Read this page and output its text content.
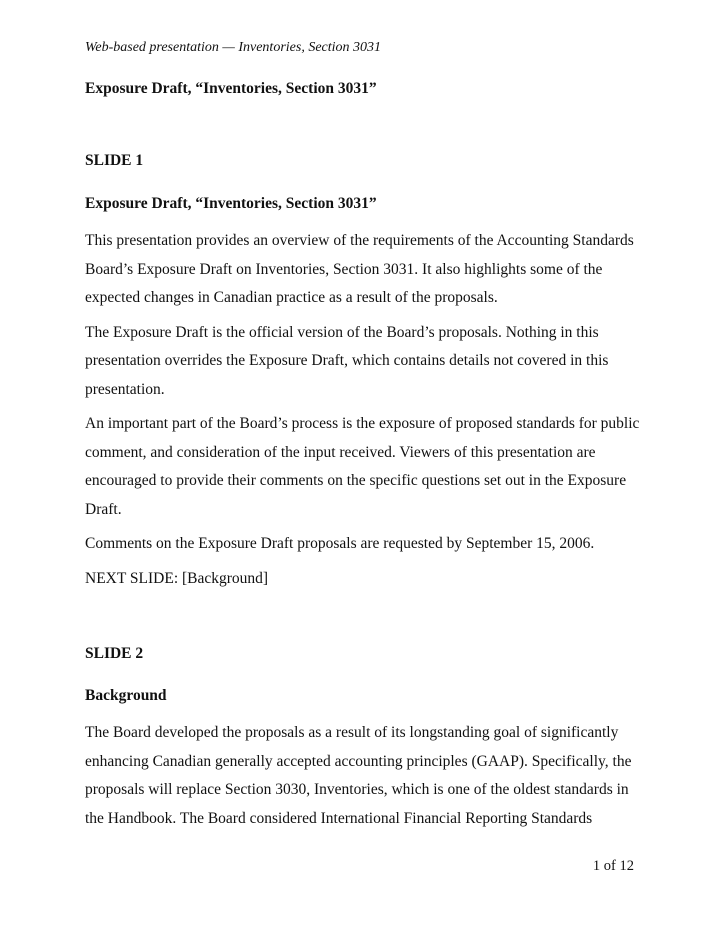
Web-based presentation — Inventories, Section 3031

Exposure Draft, “Inventories, Section 3031”

SLIDE 1

Exposure Draft, “Inventories, Section 3031”

This presentation provides an overview of the requirements of the Accounting Standards
Board’s Exposure Draft on Inventories, Section 3031. It also highlights some of the
expected changes in Canadian practice as a result of the proposals.

The Exposure Draft is the official version of the Board’s proposals. Nothing in this
presentation overrides the Exposure Draft, which contains details not covered in this
presentation.

An important part of the Board’s process is the exposure of proposed standards for public
comment, and consideration of the input received. Viewers of this presentation are
encouraged to provide their comments on the specific questions set out in the Exposure
Draft.

Comments on the Exposure Draft proposals are requested by September 15, 2006.

NEXT SLIDE: [Background]

SLIDE 2

Background

The Board developed the proposals as a result of its longstanding goal of significantly
enhancing Canadian generally accepted accounting principles (GAAP). Specifically, the
proposals will replace Section 3030, Inventories, which is one of the oldest standards in
the Handbook. The Board considered International Financial Reporting Standards

1 of 12
